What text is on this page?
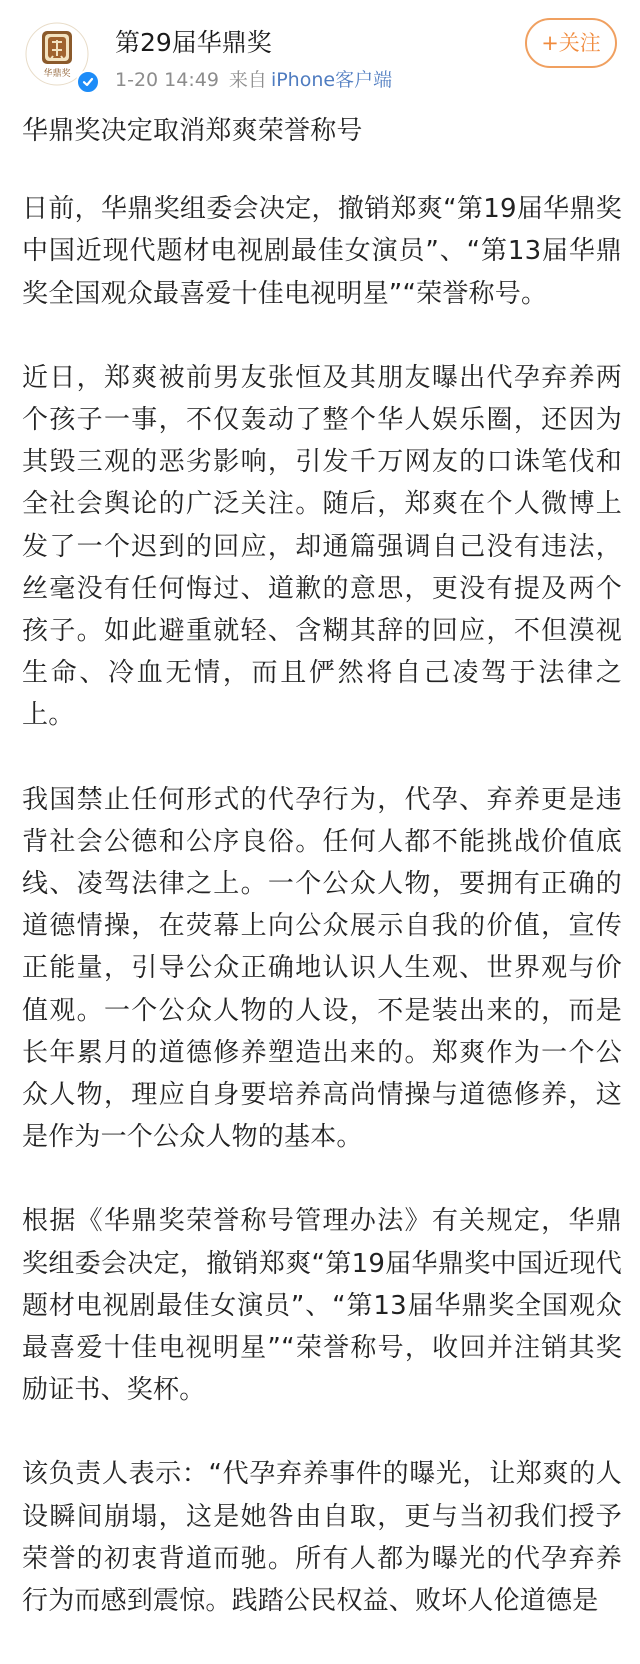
华鼎奖
第29届华鼎奖
1-20 14:49 来自 iPhone客户端
+关注

华鼎奖决定取消郑爽荣誉称号

日前，华鼎奖组委会决定，撤销郑爽“第19届华鼎奖中国近现代题材电视剧最佳女演员”、“第13届华鼎奖全国观众最喜爱十佳电视明星”“荣誉称号。

近日，郑爽被前男友张恒及其朋友曝出代孕弃养两个孩子一事，不仅轰动了整个华人娱乐圈，还因为其毁三观的恶劣影响，引发千万网友的口诛笔伐和全社会舆论的广泛关注。随后，郑爽在个人微博上发了一个迟到的回应，却通篇强调自己没有违法，丝毫没有任何悔过、道歉的意思，更没有提及两个孩子。如此避重就轻、含糊其辞的回应，不但漠视生命、冷血无情，而且俨然将自己凌驾于法律之上。

我国禁止任何形式的代孕行为，代孕、弃养更是违背社会公德和公序良俗。任何人都不能挑战价值底线、凌驾法律之上。一个公众人物，要拥有正确的道德情操，在荧幕上向公众展示自我的价值，宣传正能量，引导公众正确地认识人生观、世界观与价值观。一个公众人物的人设，不是装出来的，而是长年累月的道德修养塑造出来的。郑爽作为一个公众人物，理应自身要培养高尚情操与道德修养，这是作为一个公众人物的基本。

根据《华鼎奖荣誉称号管理办法》有关规定，华鼎奖组委会决定，撤销郑爽“第19届华鼎奖中国近现代题材电视剧最佳女演员”、“第13届华鼎奖全国观众最喜爱十佳电视明星”“荣誉称号，收回并注销其奖励证书、奖杯。

该负责人表示：“代孕弃养事件的曝光，让郑爽的人设瞬间崩塌，这是她咎由自取，更与当初我们授予荣誉的初衷背道而驰。所有人都为曝光的代孕弃养行为而感到震惊。践踏公民权益、败坏人伦道德是
